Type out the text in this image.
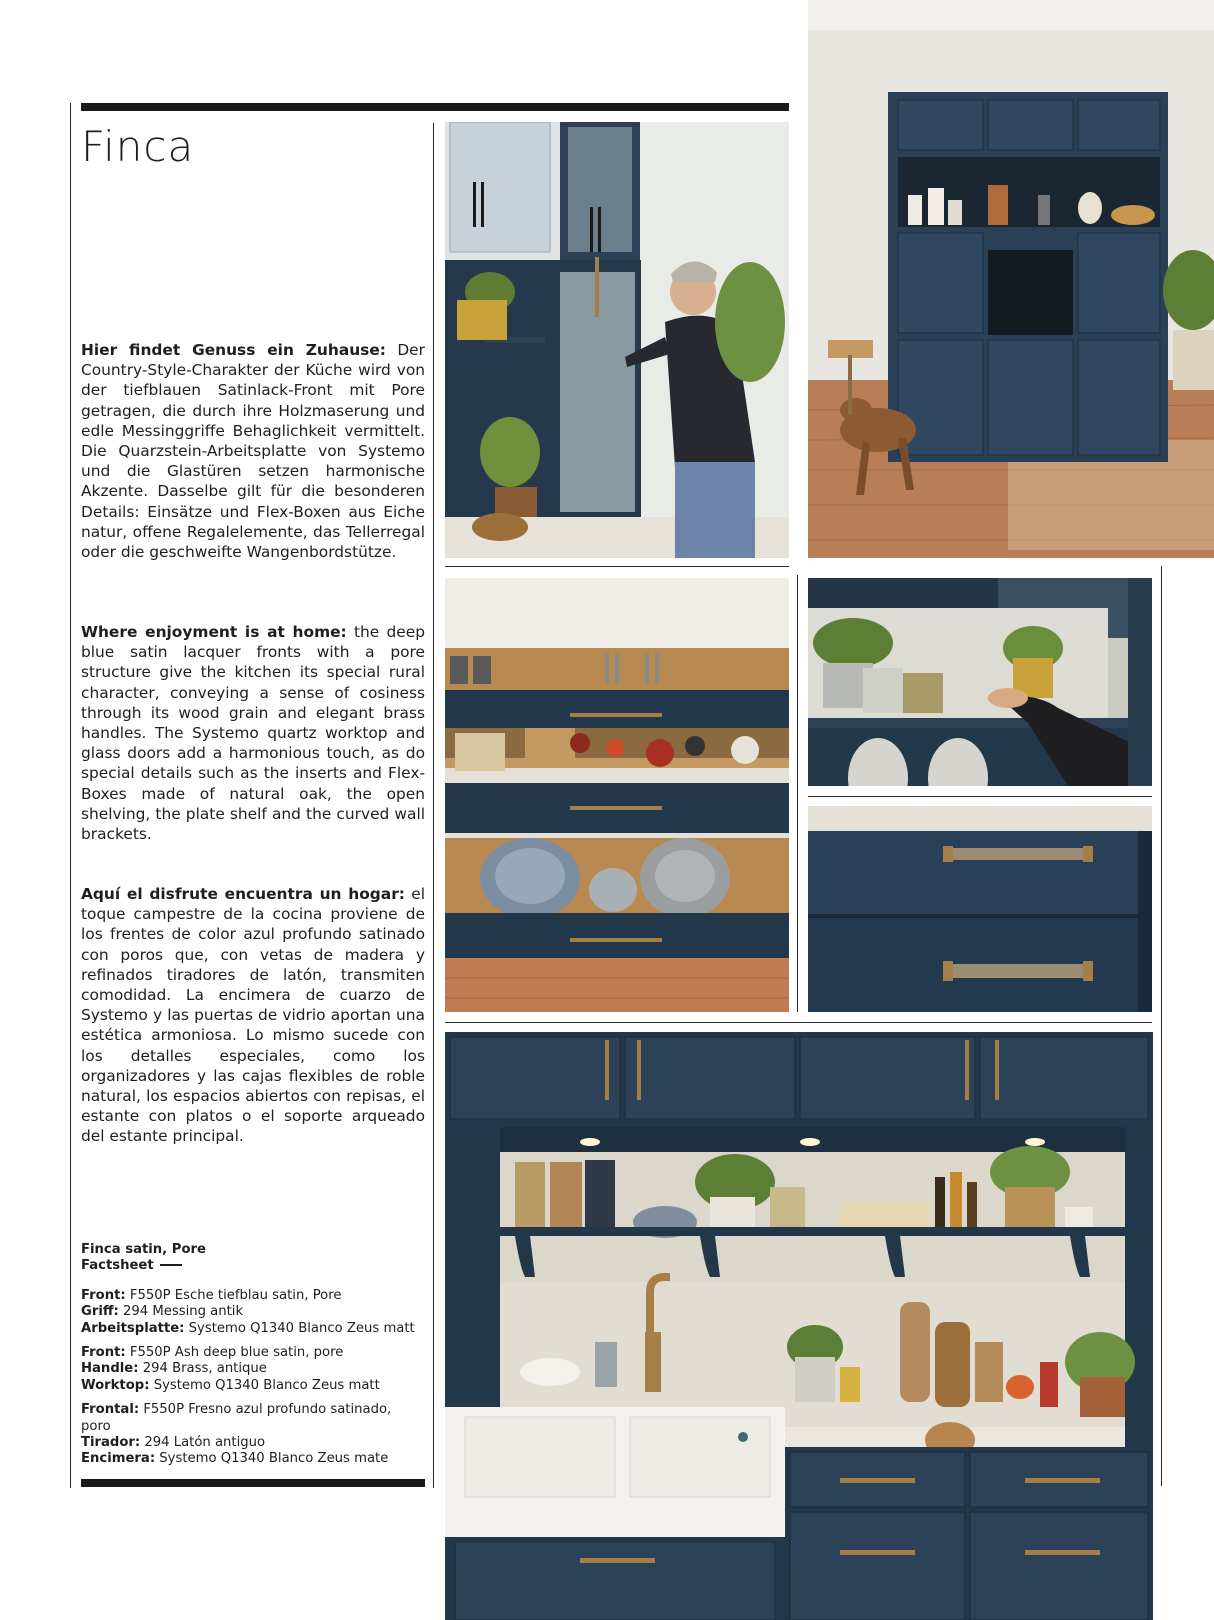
Finca

Hier findet Genuss ein Zuhause: Der Country-Style-Charakter der Küche wird von der tiefblauen Satinlack-Front mit Pore getragen, die durch ihre Holzmaserung und edle Messinggriffe Behaglichkeit vermittelt. Die Quarzstein-Arbeitsplatte von Systemo und die Glastüren setzen harmonische Akzente. Dasselbe gilt für die besonderen Details: Einsätze und Flex-Boxen aus Eiche natur, offene Regalelemente, das Tellerregal oder die geschweifte Wangenbordstütze.

Where enjoyment is at home: the deep blue satin lacquer fronts with a pore structure give the kitchen its special rural character, conveying a sense of cosiness through its wood grain and elegant brass handles. The Systemo quartz worktop and glass doors add a harmonious touch, as do special details such as the inserts and Flex-Boxes made of natural oak, the open shelving, the plate shelf and the curved wall brackets.

Aquí el disfrute encuentra un hogar: el toque campestre de la cocina proviene de los frentes de color azul profundo satinado con poros que, con vetas de madera y refinados tiradores de latón, transmiten comodidad. La encimera de cuarzo de Systemo y las puertas de vidrio aportan una estética armoniosa. Lo mismo sucede con los detalles especiales, como los organizadores y las cajas flexibles de roble natural, los espacios abiertos con repisas, el estante con platos o el soporte arqueado del estante principal.

Finca satin, Pore
Factsheet
Front: F550P Esche tiefblau satin, Pore
Griff: 294 Messing antik
Arbeitsplatte: Systemo Q1340 Blanco Zeus matt
Front: F550P Ash deep blue satin, pore
Handle: 294 Brass, antique
Worktop: Systemo Q1340 Blanco Zeus matt
Frontal: F550P Fresno azul profundo satinado, poro
Tirador: 294 Latón antiguo
Encimera: Systemo Q1340 Blanco Zeus mate
